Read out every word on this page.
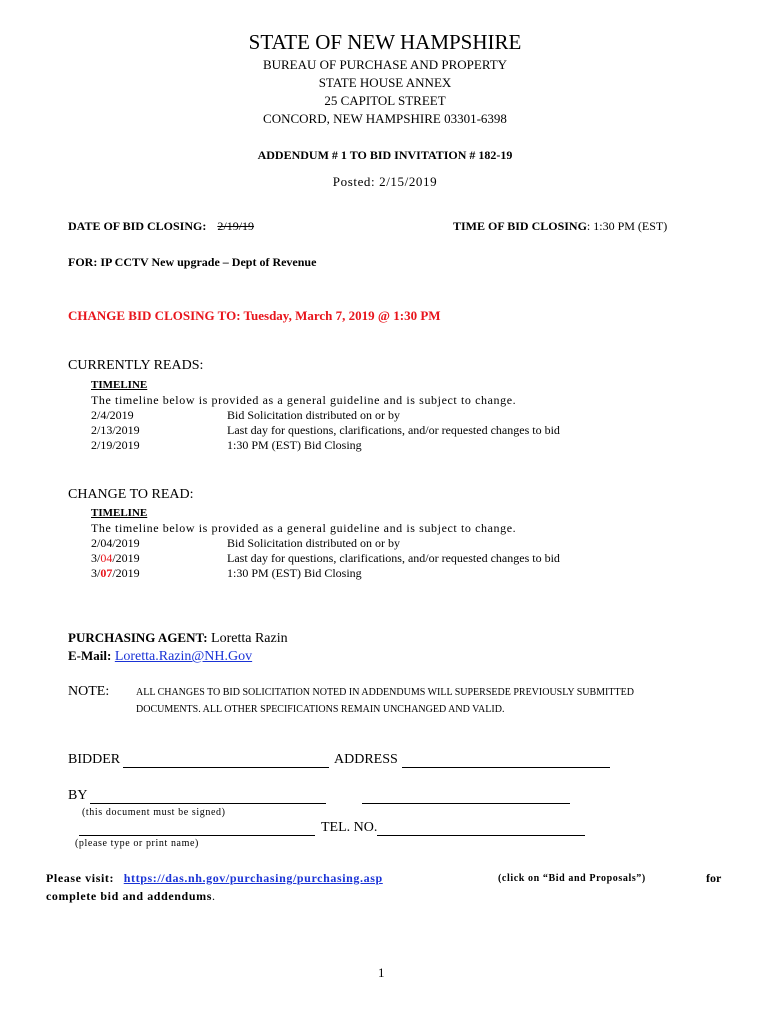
STATE OF NEW HAMPSHIRE
BUREAU OF PURCHASE AND PROPERTY
STATE HOUSE ANNEX
25 CAPITOL STREET
CONCORD, NEW HAMPSHIRE 03301-6398
ADDENDUM # 1 TO BID INVITATION # 182-19
Posted: 2/15/2019
DATE OF BID CLOSING: 2/19/19	TIME OF BID CLOSING: 1:30 PM (EST)
FOR: IP CCTV New upgrade – Dept of Revenue
CHANGE BID CLOSING TO: Tuesday, March 7, 2019 @ 1:30 PM
CURRENTLY READS:
TIMELINE
The timeline below is provided as a general guideline and is subject to change.
2/4/2019	Bid Solicitation distributed on or by
2/13/2019	Last day for questions, clarifications, and/or requested changes to bid
2/19/2019	1:30 PM (EST) Bid Closing
CHANGE TO READ:
TIMELINE
The timeline below is provided as a general guideline and is subject to change.
2/04/2019	Bid Solicitation distributed on or by
3/04/2019	Last day for questions, clarifications, and/or requested changes to bid
3/07/2019	1:30 PM (EST) Bid Closing
PURCHASING AGENT: Loretta Razin
E-Mail: Loretta.Razin@NH.Gov
NOTE:	ALL CHANGES TO BID SOLICITATION NOTED IN ADDENDUMS WILL SUPERSEDE PREVIOUSLY SUBMITTED
DOCUMENTS. ALL OTHER SPECIFICATIONS REMAIN UNCHANGED AND VALID.
BIDDER	ADDRESS
BY
(this document must be signed)
TEL. NO.
(please type or print name)
Please visit: https://das.nh.gov/purchasing/purchasing.asp	(click on “Bid and Proposals”)	for
complete bid and addendums.
1
